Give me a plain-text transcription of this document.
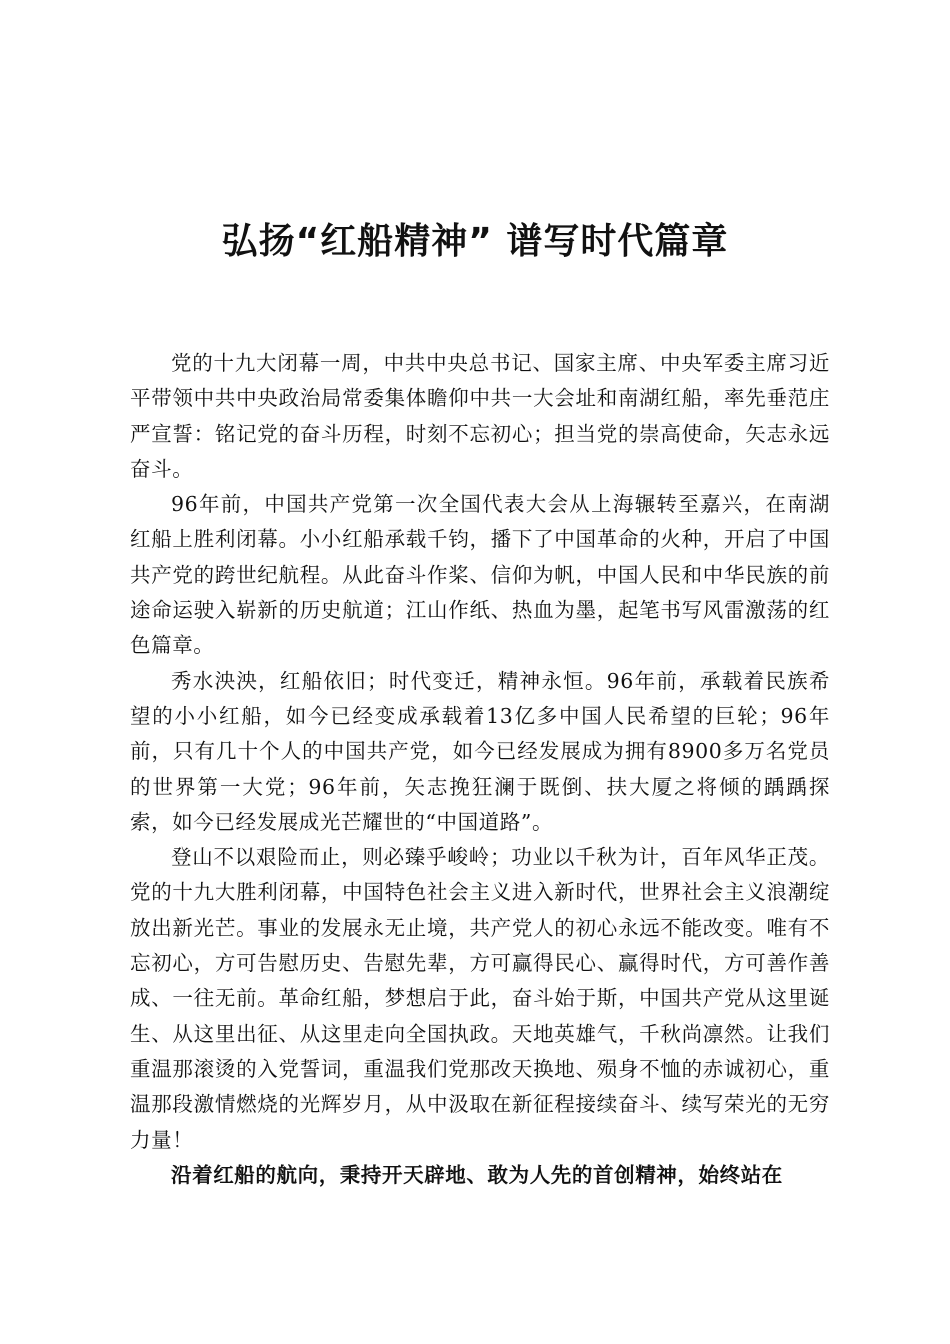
弘扬“红船精神” 谱写时代篇章

党的十九大闭幕一周，中共中央总书记、国家主席、中央军委主席习近平带领中共中央政治局常委集体瞻仰中共一大会址和南湖红船，率先垂范庄严宣誓：铭记党的奋斗历程，时刻不忘初心；担当党的崇高使命，矢志永远奋斗。

96年前，中国共产党第一次全国代表大会从上海辗转至嘉兴，在南湖红船上胜利闭幕。小小红船承载千钧，播下了中国革命的火种，开启了中国共产党的跨世纪航程。从此奋斗作桨、信仰为帆，中国人民和中华民族的前途命运驶入崭新的历史航道；江山作纸、热血为墨，起笔书写风雷激荡的红色篇章。

秀水泱泱，红船依旧；时代变迁，精神永恒。96年前，承载着民族希望的小小红船，如今已经变成承载着13亿多中国人民希望的巨轮；96年前，只有几十个人的中国共产党，如今已经发展成为拥有8900多万名党员的世界第一大党；96年前，矢志挽狂澜于既倒、扶大厦之将倾的踽踽探索，如今已经发展成光芒耀世的“中国道路”。

登山不以艰险而止，则必臻乎峻岭；功业以千秋为计，百年风华正茂。党的十九大胜利闭幕，中国特色社会主义进入新时代，世界社会主义浪潮绽放出新光芒。事业的发展永无止境，共产党人的初心永远不能改变。唯有不忘初心，方可告慰历史、告慰先辈，方可赢得民心、赢得时代，方可善作善成、一往无前。革命红船，梦想启于此，奋斗始于斯，中国共产党从这里诞生、从这里出征、从这里走向全国执政。天地英雄气，千秋尚凛然。让我们重温那滚烫的入党誓词，重温我们党那改天换地、殒身不恤的赤诚初心，重温那段激情燃烧的光辉岁月，从中汲取在新征程接续奋斗、续写荣光的无穷力量！

沿着红船的航向，秉持开天辟地、敢为人先的首创精神，始终站在
